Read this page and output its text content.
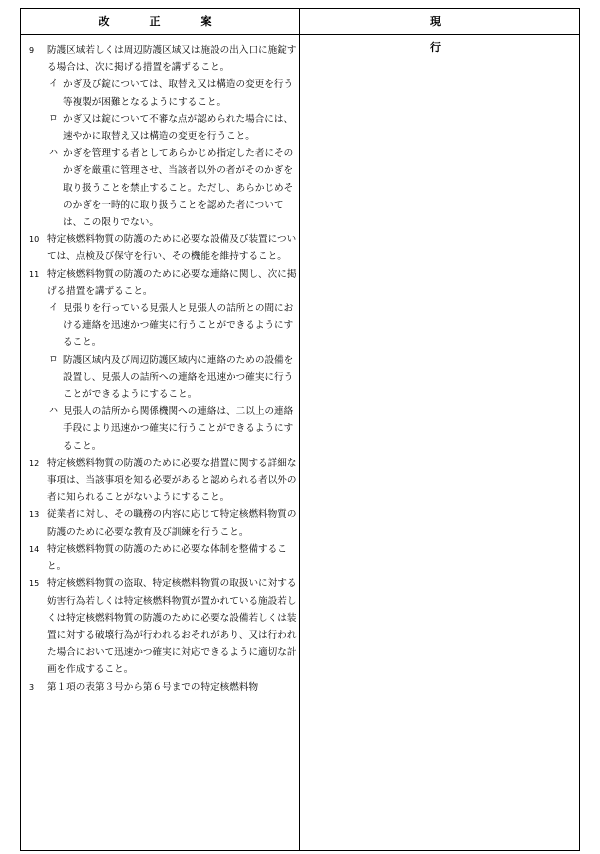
改正案	現行

9 防護区域若しくは周辺防護区域又は施設の出入口に施錠する場合は、次に掲げる措置を講ずること。

イ かぎ及び錠については、取替え又は構造の変更を行う等複製が困難となるようにすること。

ロ かぎ又は錠について不審な点が認められた場合には、速やかに取替え又は構造の変更を行うこと。

ハ かぎを管理する者としてあらかじめ指定した者にそのかぎを厳重に管理させ、当該者以外の者がそのかぎを取り扱うことを禁止すること。ただし、あらかじめそのかぎを一時的に取り扱うことを認めた者については、この限りでない。

10 特定核燃料物質の防護のために必要な設備及び装置については、点検及び保守を行い、その機能を維持すること。

11 特定核燃料物質の防護のために必要な連絡に関し、次に掲げる措置を講ずること。

イ 見張りを行っている見張人と見張人の詰所との間における連絡を迅速かつ確実に行うことができるようにすること。

ロ 防護区域内及び周辺防護区域内に連絡のための設備を設置し、見張人の詰所への連絡を迅速かつ確実に行うことができるようにすること。

ハ 見張人の詰所から関係機関への連絡は、二以上の連絡手段により迅速かつ確実に行うことができるようにすること。

12 特定核燃料物質の防護のために必要な措置に関する詳細な事項は、当該事項を知る必要があると認められる者以外の者に知られることがないようにすること。

13 従業者に対し、その職務の内容に応じて特定核燃料物質の防護のために必要な教育及び訓練を行うこと。

14 特定核燃料物質の防護のために必要な体制を整備すること。

15 特定核燃料物質の盗取、特定核燃料物質の取扱いに対する妨害行為若しくは特定核燃料物質が置かれている施設若しくは特定核燃料物質の防護のために必要な設備若しくは装置に対する破壊行為が行われるおそれがあり、又は行われた場合において迅速かつ確実に対応できるように適切な計画を作成すること。

3 第１項の表第３号から第６号までの特定核燃料物
